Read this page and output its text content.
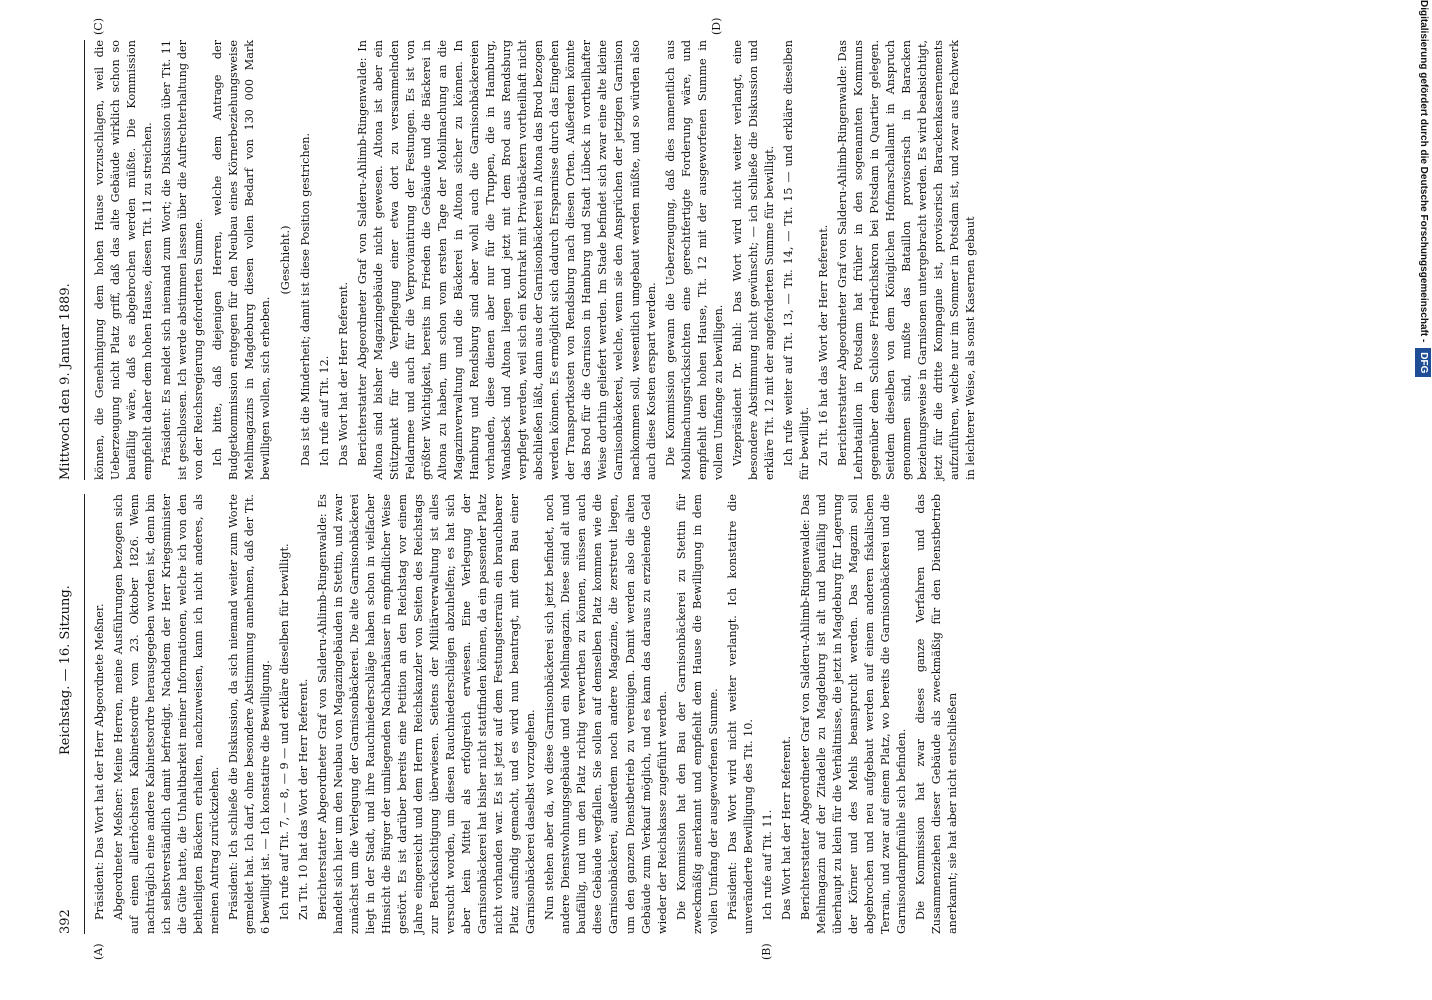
392 Reichstag. — 16. Sitzung.
Mittwoch den 9. Januar 1889.
(A)	(B)
(C)	(D)

Präsident: Das Wort hat der Herr Abgeordnete Meßner. Abgeordneter Meßner: Meine Herren, meine Ausführungen bezogen sich auf einen allerhöchsten Kabinetsordre vom 23. Oktober 1826. Wenn nachträglich eine andere Kabinetsordre herausgegeben worden ist, denn bin ich selbstverständlich damit befriedigt. Nachdem der Herr Kriegsminister die Güte hatte, die Unhaltbarkeit meiner Informationen, welche ich von den betheiligten Bäckern erhalten, nachzuweisen, kann ich nicht anderes, als meinen Antrag zurückziehen. Präsident: Ich schließe die Diskussion, da sich niemand weiter zum Worte gemeldet hat. Ich darf, ohne besondere Abstimmung annehmen, daß der Tit. 6 bewilligt ist. — Ich konstatire die Bewilligung. Ich rufe auf Tit. 7, — 8, — 9 — und erkläre dieselben für bewilligt. Zu Tit. 10 hat das Wort der Herr Referent. Berichterstatter Abgeordneter Graf von Salderu-Ahlimb-Ringenwalde: Es handelt sich hier um den Neubau von Magazingebäuden in Stettin, und zwar zunächst um die Verlegung der Garnisonbäckerei. Die alte Garnisonbäckerei liegt in der Stadt, und ihre Rauchniederschläge haben schon in vielfacher Hinsicht die Bürger der umliegenden Nachbarhäuser in empfindlicher Weise gestört. Es ist darüber bereits eine Petition an den Reichstag vor einem Jahre eingereicht und dem Herrn Reichskanzler von Seiten des Reichstags zur Berücksichtigung überwiesen. Seitens der Militärverwaltung ist alles versucht worden, um diesen Rauchniederschlägen abzuhelfen; es hat sich aber kein Mittel als erfolgreich erwiesen. Eine Verlegung der Garnisonbäckerei hat bisher nicht stattfinden können, da ein passender Platz nicht vorhanden war. Es ist jetzt auf dem Festungsterrain ein brauchbarer Platz ausfindig gemacht, und es wird nun beantragt, mit dem Bau einer Garnisonbäckerei daselbst vorzugehen. Nun stehen aber da, wo diese Garnisonbäckerei sich jetzt befindet, noch andere Dienstwohnungsgebäude und ein Mehlmagazin. Diese sind alt und baufällig, und um den Platz richtig verwerthen zu können, müssen auch diese Gebäude wegfallen. Sie sollen auf demselben Platz kommen wie die Garnisonbäckerei, außerdem noch andere Magazine, die zerstreut liegen, um den ganzen Dienstbetrieb zu vereinigen. Damit werden also die alten Gebäude zum Verkauf möglich, und es kann das daraus zu erzielende Geld wieder der Reichskasse zugeführt werden. Die Kommission hat den Bau der Garnisonbäckerei zu Stettin für zweckmäßig anerkannt und empfiehlt dem Hause die Bewilligung in dem vollen Umfang der ausgeworfenen Summe. Präsident: Das Wort wird nicht weiter verlangt. Ich konstatire die unveränderte Bewilligung des Tit. 10. Ich rufe auf Tit. 11. Das Wort hat der Herr Referent. Berichterstatter Abgeordneter Graf von Salderu-Ahlimb-Ringenwalde: Das Mehlmagazin auf der Zitadelle zu Magdeburg ist alt und baufällig und überhaupt zu klein für die Verhältnisse, die jetzt in Magdeburg für Lagerung der Körner und des Mehls beansprucht werden. Das Magazin soll abgebrochen und neu aufgebaut werden auf einem anderen fiskalischen Terrain, und zwar auf einem Platz, wo bereits die Garnisonbäckerei und die Garnisondampfmühle sich befinden. Die Kommission hat zwar dieses ganze Verfahren und das Zusammenziehen dieser Gebäude als zweckmäßig für den Dienstbetrieb anerkannt; sie hat aber nicht entschließen

können, die Genehmigung dem hohen Hause vorzuschlagen, weil die Ueberzeugung nicht Platz griff, daß das alte Gebäude wirklich schon so baufällig wäre, daß es abgebrochen werden müßte. Die Kommission empfiehlt daher dem hohen Hause, diesen Tit. 11 zu streichen. Präsident: Es meldet sich niemand zum Wort; die Diskussion über Tit. 11 ist geschlossen. Ich werde abstimmen lassen über die Aufrechterhaltung der von der Reichsregierung geforderten Summe. Ich bitte, daß diejenigen Herren, welche dem Antrage der Budgetkommission entgegen für den Neubau eines Körnerbeziehungsweise Mehlmagazins in Magdeburg diesen vollen Bedarf von 130 000 Mark bewilligen wollen, sich erheben.

(Geschieht.) Das ist die Minderheit; damit ist diese Position gestrichen. Ich rufe auf Tit. 12. Das Wort hat der Herr Referent. Berichterstatter Abgeordneter Graf von Salderu-Ahlimb-Ringenwalde: In Altona sind bisher Magazingebäude nicht gewesen. Altona ist aber ein Stützpunkt für die Verpflegung einer etwa dort zu versammelnden Feldarmee und auch für die Verproviantirung der Festungen. Es ist von größter Wichtigkeit, bereits im Frieden die Gebäude und die Bäckerei in Altona zu haben, um schon vom ersten Tage der Mobilmachung an die Magazinverwaltung und die Bäckerei in Altona sicher zu können. In Hamburg und Rendsburg sind aber wohl auch die Garnisonbäckereien vorhanden, diese dienen aber nur für die Truppen, die in Hamburg, Wandsbeck und Altona liegen und jetzt mit dem Brod aus Rendsburg verpflegt werden, weil sich ein Kontrakt mit Privatbäckern vortheilhaft nicht abschließen läßt, dann aus der Garnisonbäckerei in Altona das Brod bezogen werden können. Es ermöglicht sich dadurch Ersparnisse durch das Eingehen der Transportkosten von Rendsburg nach diesen Orten. Außerdem könnte das Brod für die Garnison in Hamburg und Stadt Lübeck in vortheilhafter Weise dorthin geliefert werden. Im Stade befindet sich zwar eine alte kleine Garnisonbäckerei, welche, wenn sie den Ansprüchen der jetzigen Garnison nachkommen soll, wesentlich umgebaut werden müßte, und so würden also auch diese Kosten erspart werden. Die Kommission gewann die Ueberzeugung, daß dies namentlich aus Mobilmachungsrücksichten eine gerechtfertigte Forderung wäre, und empfiehlt dem hohen Hause, Tit. 12 mit der ausgeworfenen Summe in vollem Umfange zu bewilligen. Vizepräsident Dr. Buhl: Das Wort wird nicht weiter verlangt, eine besondere Abstimmung nicht gewünscht; — ich schließe die Diskussion und erkläre Tit. 12 mit der angeforderten Summe für bewilligt. Ich rufe weiter auf Tit. 13, — Tit. 14, — Tit. 15 — und erkläre dieselben für bewilligt. Zu Tit. 16 hat das Wort der Herr Referent. Berichterstatter Abgeordneter Graf von Salderu-Ahlimb-Ringenwalde: Das Lehrbataillon in Potsdam hat früher in den sogenannten Kommuns gegenüber dem Schlosse Friedrichskron bei Potsdam in Quartier gelegen. Seitdem dieselben von dem Königlichen Hofmarschallamt in Anspruch genommen sind, mußte das Bataillon provisorisch in Baracken beziehungsweise in Garnisonen untergebracht werden. Es wird beabsichtigt, jetzt für die dritte Kompagnie ist, provisorisch Barackenkasernements aufzuführen, welche nur im Sommer in Potsdam ist, und zwar aus Fachwerk in leichterer Weise, als sonst Kasernen gebaut

Digitalisierung gefördert durch die Deutsche Forschungsgemeinschaft -DFG
